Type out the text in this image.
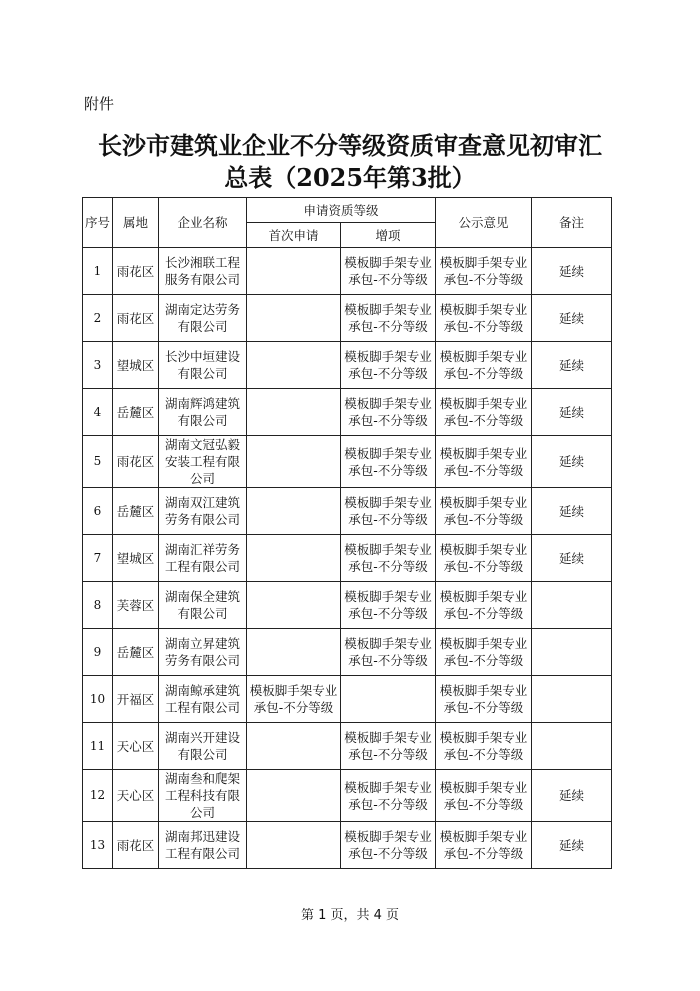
附件
长沙市建筑业企业不分等级资质审查意见初审汇
总表（2025年第3批）
序号	属地	企业名称	申请资质等级		公示意见	备注
			首次申请	增项		
1	雨花区	长沙湘联工程服务有限公司		模板脚手架专业承包-不分等级	模板脚手架专业承包-不分等级	延续
2	雨花区	湖南定达劳务有限公司		模板脚手架专业承包-不分等级	模板脚手架专业承包-不分等级	延续
3	望城区	长沙中垣建设有限公司		模板脚手架专业承包-不分等级	模板脚手架专业承包-不分等级	延续
4	岳麓区	湖南辉鸿建筑有限公司		模板脚手架专业承包-不分等级	模板脚手架专业承包-不分等级	延续
5	雨花区	湖南文冠弘毅安装工程有限公司		模板脚手架专业承包-不分等级	模板脚手架专业承包-不分等级	延续
6	岳麓区	湖南双江建筑劳务有限公司		模板脚手架专业承包-不分等级	模板脚手架专业承包-不分等级	延续
7	望城区	湖南汇祥劳务工程有限公司		模板脚手架专业承包-不分等级	模板脚手架专业承包-不分等级	延续
8	芙蓉区	湖南保全建筑有限公司		模板脚手架专业承包-不分等级	模板脚手架专业承包-不分等级	
9	岳麓区	湖南立昇建筑劳务有限公司		模板脚手架专业承包-不分等级	模板脚手架专业承包-不分等级	
10	开福区	湖南鲸承建筑工程有限公司	模板脚手架专业承包-不分等级		模板脚手架专业承包-不分等级	
11	天心区	湖南兴开建设有限公司		模板脚手架专业承包-不分等级	模板脚手架专业承包-不分等级	
12	天心区	湖南叁和爬架工程科技有限公司		模板脚手架专业承包-不分等级	模板脚手架专业承包-不分等级	延续
13	雨花区	湖南邦迅建设工程有限公司		模板脚手架专业承包-不分等级	模板脚手架专业承包-不分等级	延续
第 1 页，共 4 页
